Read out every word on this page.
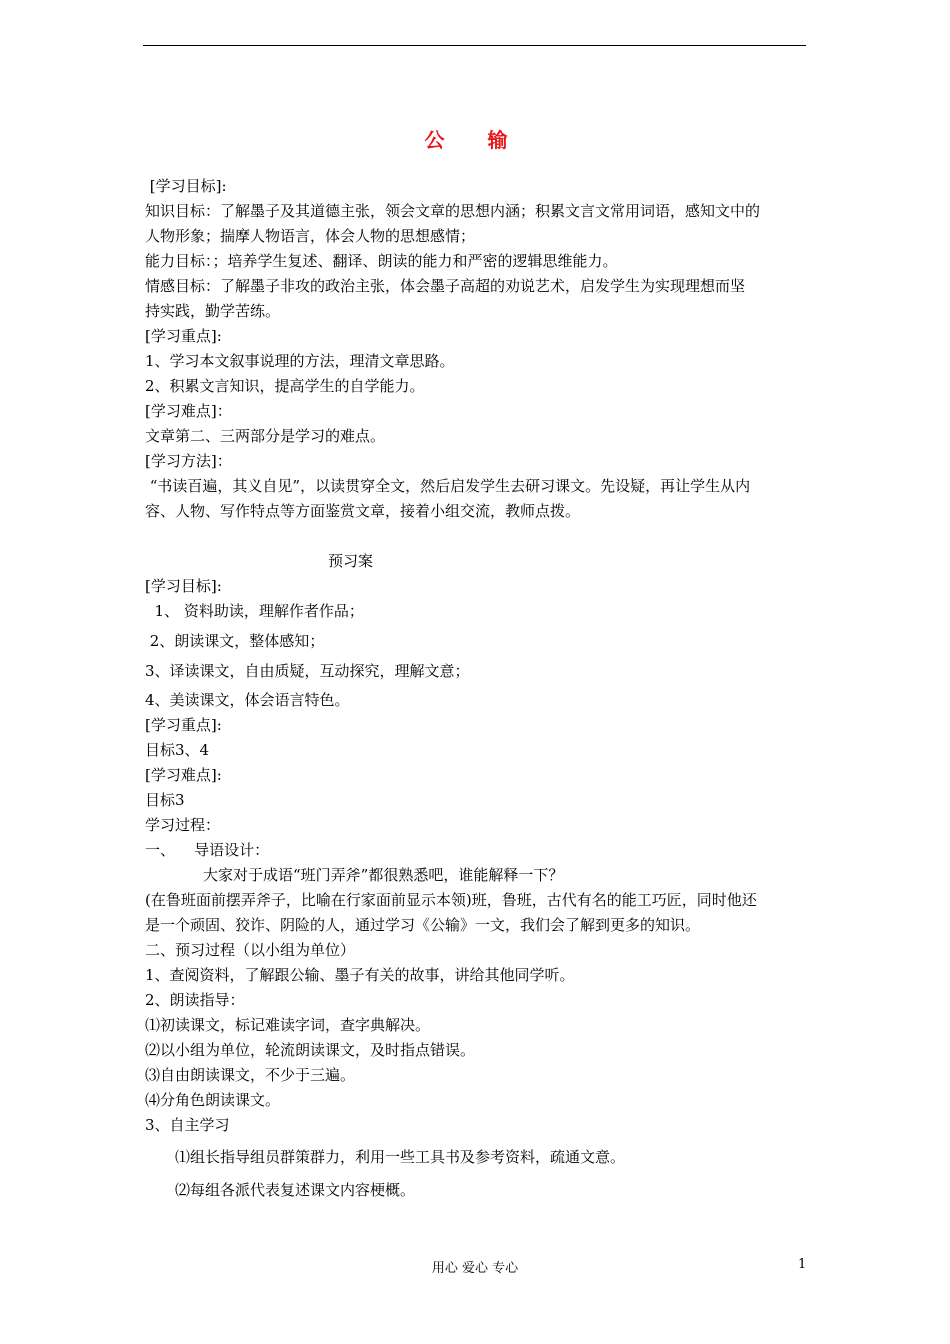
公 输
[学习目标]:
知识目标：了解墨子及其道德主张，领会文章的思想内涵；积累文言文常用词语，感知文中的
人物形象；揣摩人物语言，体会人物的思想感情；
能力目标：；培养学生复述、翻译、朗读的能力和严密的逻辑思维能力。
情感目标：了解墨子非攻的政治主张，体会墨子高超的劝说艺术，启发学生为实现理想而坚
持实践，勤学苦练。
[学习重点]:
1、学习本文叙事说理的方法，理清文章思路。
2、积累文言知识，提高学生的自学能力。
[学习难点]：
文章第二、三两部分是学习的难点。
[学习方法]：
“书读百遍，其义自见”，以读贯穿全文，然后启发学生去研习课文。先设疑，再让学生从内
容、人物、写作特点等方面鉴赏文章，接着小组交流，教师点拨。
预习案
[学习目标]:
1、 资料助读，理解作者作品；
2、朗读课文，整体感知；
3、译读课文，自由质疑，互动探究，理解文意；
4、美读课文，体会语言特色。
[学习重点]:
目标3、4
[学习难点]:
目标3
学习过程：
一、    导语设计：
大家对于成语“班门弄斧”都很熟悉吧，谁能解释一下？
(在鲁班面前摆弄斧子，比喻在行家面前显示本领)班，鲁班，古代有名的能工巧匠，同时他还
是一个顽固、狡诈、阴险的人，通过学习《公输》一文，我们会了解到更多的知识。
二、预习过程（以小组为单位）
1、查阅资料，了解跟公输、墨子有关的故事，讲给其他同学听。
2、朗读指导：
⑴初读课文，标记难读字词，查字典解决。
⑵以小组为单位，轮流朗读课文，及时指点错误。
⑶自由朗读课文，不少于三遍。
⑷分角色朗读课文。
3、自主学习
⑴组长指导组员群策群力，利用一些工具书及参考资料，疏通文意。
⑵每组各派代表复述课文内容梗概。
用心 爱心 专心	1
